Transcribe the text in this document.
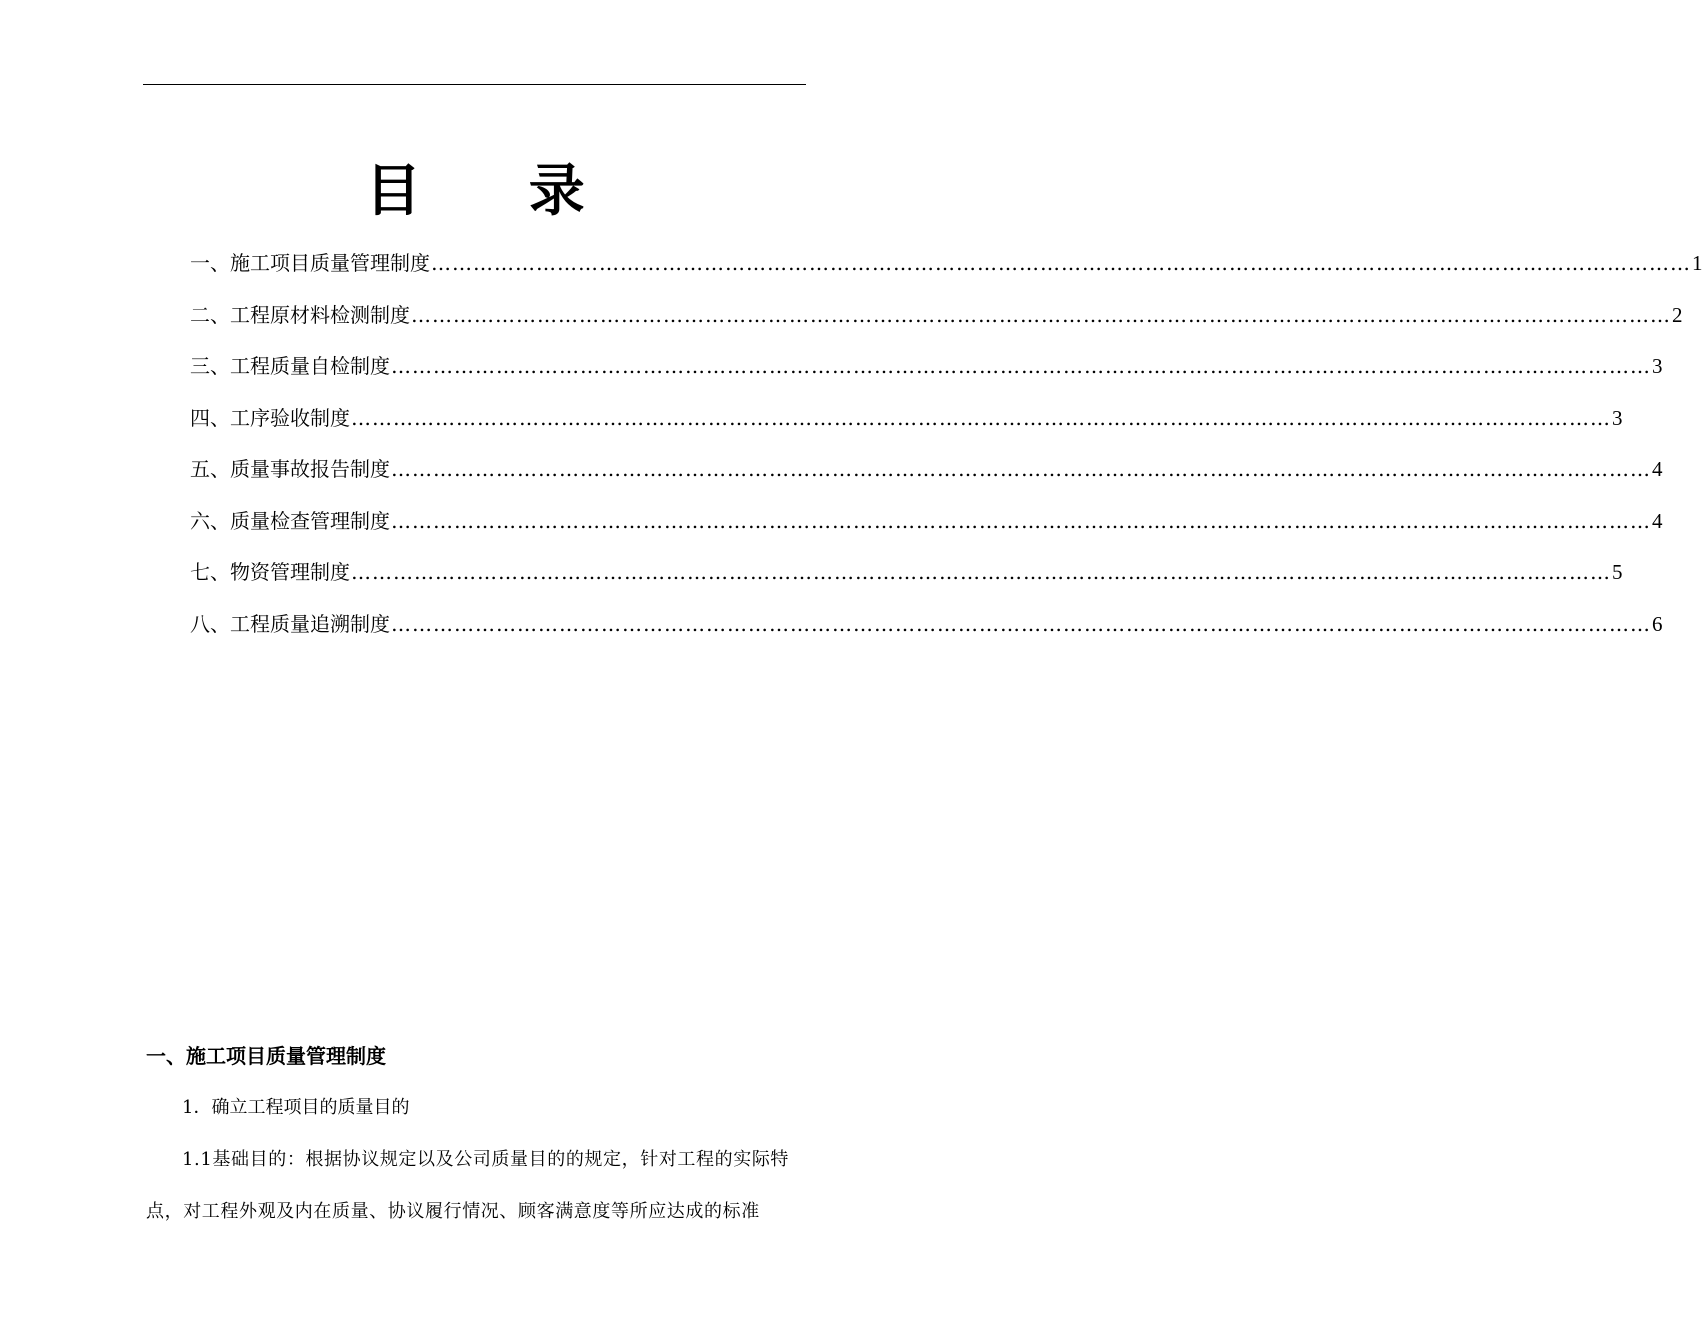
目 录
一、施工项目质量管理制度 ……………………………………………………………………………………………………………………………………………………………… 1
二、工程原材料检测制度 ……………………………………………………………………………………………………………………………………………………………… 2
三、工程质量自检制度 ……………………………………………………………………………………………………………………………………………………………… 3
四、工序验收制度 ……………………………………………………………………………………………………………………………………………………………… 3
五、质量事故报告制度 ……………………………………………………………………………………………………………………………………………………………… 4
六、质量检查管理制度 ……………………………………………………………………………………………………………………………………………………………… 4
七、物资管理制度 ……………………………………………………………………………………………………………………………………………………………… 5
八、工程质量追溯制度 ……………………………………………………………………………………………………………………………………………………………… 6
一、施工项目质量管理制度

1．确立工程项目的质量目的

1.1基础目的：根据协议规定以及公司质量目的的规定，针对工程的实际特点，对工程外观及内在质量、协议履行情况、顾客满意度等所应达成的标准
